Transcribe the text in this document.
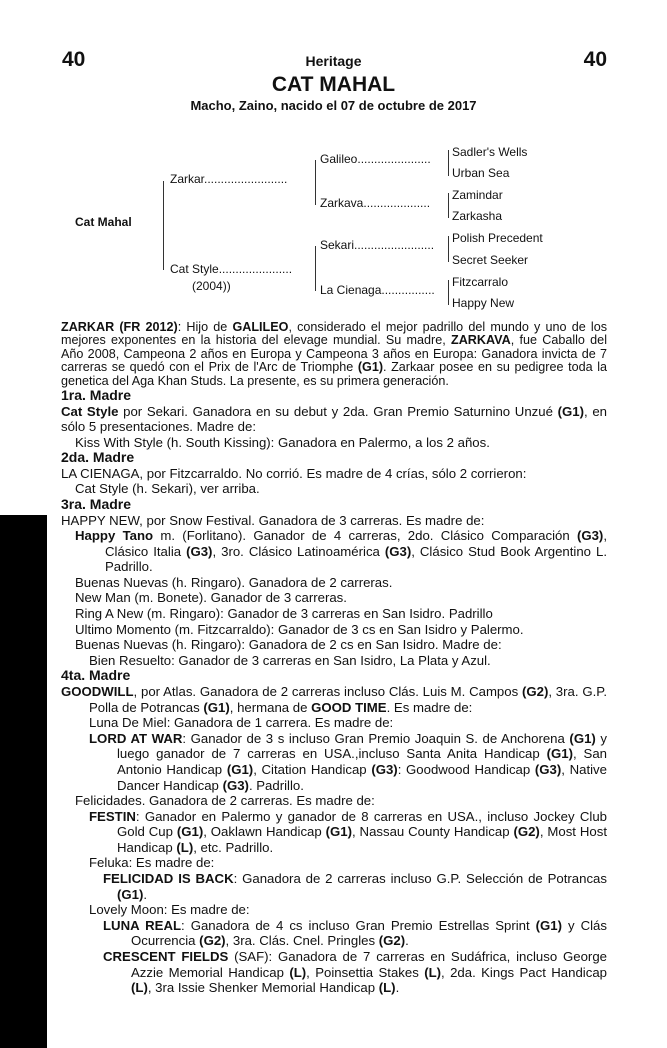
40	40
Heritage
CAT MAHAL
Macho, Zaino, nacido el 07 de octubre de 2017
Cat Mahal
Zarkar.........................
Cat Style......................
(2004))
Galileo......................
Zarkava....................
Sekari........................
La Cienaga................
Sadler's Wells
Urban Sea
Zamindar
Zarkasha
Polish Precedent
Secret Seeker
Fitzcarralo
Happy New
ZARKAR (FR 2012): Hijo de GALILEO, considerado el mejor padrillo del mundo y uno de los mejores exponentes en la historia del elevage mundial. Su madre, ZARKAVA, fue Caballo del Año 2008, Campeona 2 años en Europa y Campeona 3 años en Europa: Ganadora invicta de 7 carreras se quedó con el Prix de l'Arc de Triomphe (G1). Zarkaar posee en su pedigree toda la genetica del Aga Khan Studs. La presente, es su primera generación.
1ra. Madre
Cat Style por Sekari. Ganadora en su debut y 2da. Gran Premio Saturnino Unzué (G1), en sólo 5 presentaciones. Madre de:
Kiss With Style (h. South Kissing): Ganadora en Palermo, a los 2 años.
2da. Madre
LA CIENAGA, por Fitzcarraldo. No corrió. Es madre de 4 crías, sólo 2 corrieron:
Cat Style (h. Sekari), ver arriba.
3ra. Madre
HAPPY NEW, por Snow Festival. Ganadora de 3 carreras. Es madre de:
Happy Tano m. (Forlitano). Ganador de 4 carreras, 2do. Clásico Comparación (G3), Clásico Italia (G3), 3ro. Clásico Latinoamérica (G3), Clásico Stud Book Argentino L. Padrillo.
Buenas Nuevas (h. Ringaro). Ganadora de 2 carreras.
New Man (m. Bonete). Ganador de 3 carreras.
Ring A New (m. Ringaro): Ganador de 3 carreras en San Isidro. Padrillo
Ultimo Momento (m. Fitzcarraldo): Ganador de 3 cs en San Isidro y Palermo.
Buenas Nuevas (h. Ringaro): Ganadora de 2 cs en San Isidro. Madre de:
Bien Resuelto: Ganador de 3 carreras en San Isidro, La Plata y Azul.
4ta. Madre
GOODWILL, por Atlas. Ganadora de 2 carreras incluso Clás. Luis M. Campos (G2), 3ra. G.P. Polla de Potrancas (G1), hermana de GOOD TIME. Es madre de:
Luna De Miel: Ganadora de 1 carrera. Es madre de:
LORD AT WAR: Ganador de 3 s incluso Gran Premio Joaquin S. de Anchorena (G1) y luego ganador de 7 carreras en USA.,incluso Santa Anita Handicap (G1), San Antonio Handicap (G1), Citation Handicap (G3): Goodwood Handicap (G3), Native Dancer Handicap (G3). Padrillo.
Felicidades. Ganadora de 2 carreras. Es madre de:
FESTIN: Ganador en Palermo y ganador de 8 carreras en USA., incluso Jockey Club Gold Cup (G1), Oaklawn Handicap (G1), Nassau County Handicap (G2), Most Host Handicap (L), etc. Padrillo.
Feluka: Es madre de:
FELICIDAD IS BACK: Ganadora de 2 carreras incluso G.P. Selección de Potrancas (G1).
Lovely Moon: Es madre de:
LUNA REAL: Ganadora de 4 cs incluso Gran Premio Estrellas Sprint (G1) y Clás Ocurrencia (G2), 3ra. Clás. Cnel. Pringles (G2).
CRESCENT FIELDS (SAF): Ganadora de 7 carreras en Sudáfrica, incluso George Azzie Memorial Handicap (L), Poinsettia Stakes (L), 2da. Kings Pact Handicap (L), 3ra Issie Shenker Memorial Handicap (L).
